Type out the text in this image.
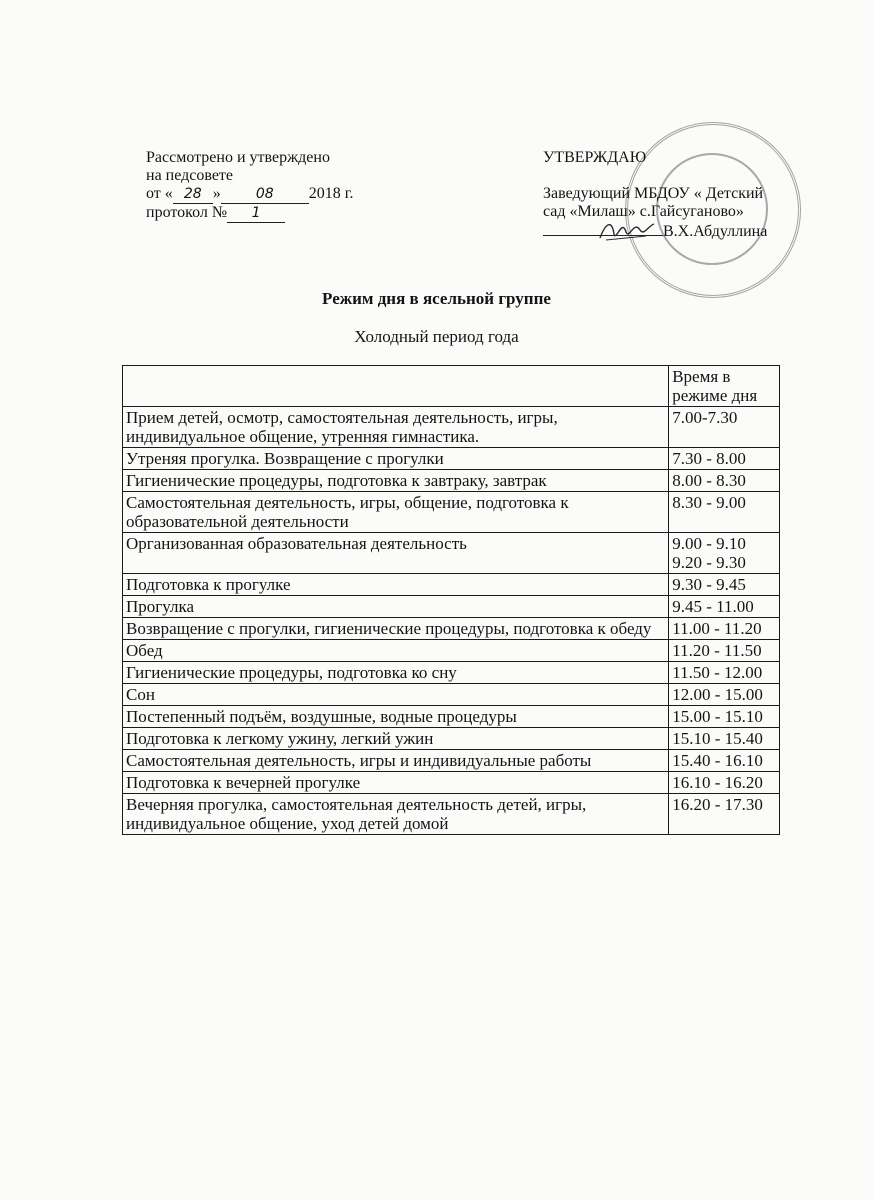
Рассмотрено и утверждено
на педсовете
от « 28 »	08 2018 г.
протокол № 1
УТВЕРЖДАЮ
Заведующий МБДОУ « Детский
сад «Милаш» с.Гайсуганово»
В.Х.Абдуллина
Режим дня в ясельной группе
Холодный период года
	Время в режиме дня
Прием детей, осмотр, самостоятельная деятельность, игры, индивидуальное общение, утренняя гимнастика.	7.00-7.30

Утреняя прогулка. Возвращение с прогулки	7.30 - 8.00

Гигиенические процедуры, подготовка к завтраку, завтрак	8.00 - 8.30

Самостоятельная деятельность, игры, общение, подготовка к образовательной деятельности	8.30 - 9.00

Организованная образовательная деятельность	9.00 - 9.10
9.20 - 9.30

Подготовка к прогулке	9.30 - 9.45

Прогулка	9.45 - 11.00

Возвращение с прогулки, гигиенические процедуры, подготовка к обеду	11.00 - 11.20

Обед	11.20 - 11.50

Гигиенические процедуры, подготовка ко сну	11.50 - 12.00

Сон	12.00 - 15.00

Постепенный подъём, воздушные, водные процедуры	15.00 - 15.10

Подготовка к легкому ужину, легкий ужин	15.10 - 15.40

Самостоятельная деятельность, игры и индивидуальные работы	15.40 - 16.10

Подготовка к вечерней прогулке	16.10 - 16.20

Вечерняя прогулка, самостоятельная деятельность детей, игры, индивидуальное общение, уход детей домой	16.20 - 17.30
